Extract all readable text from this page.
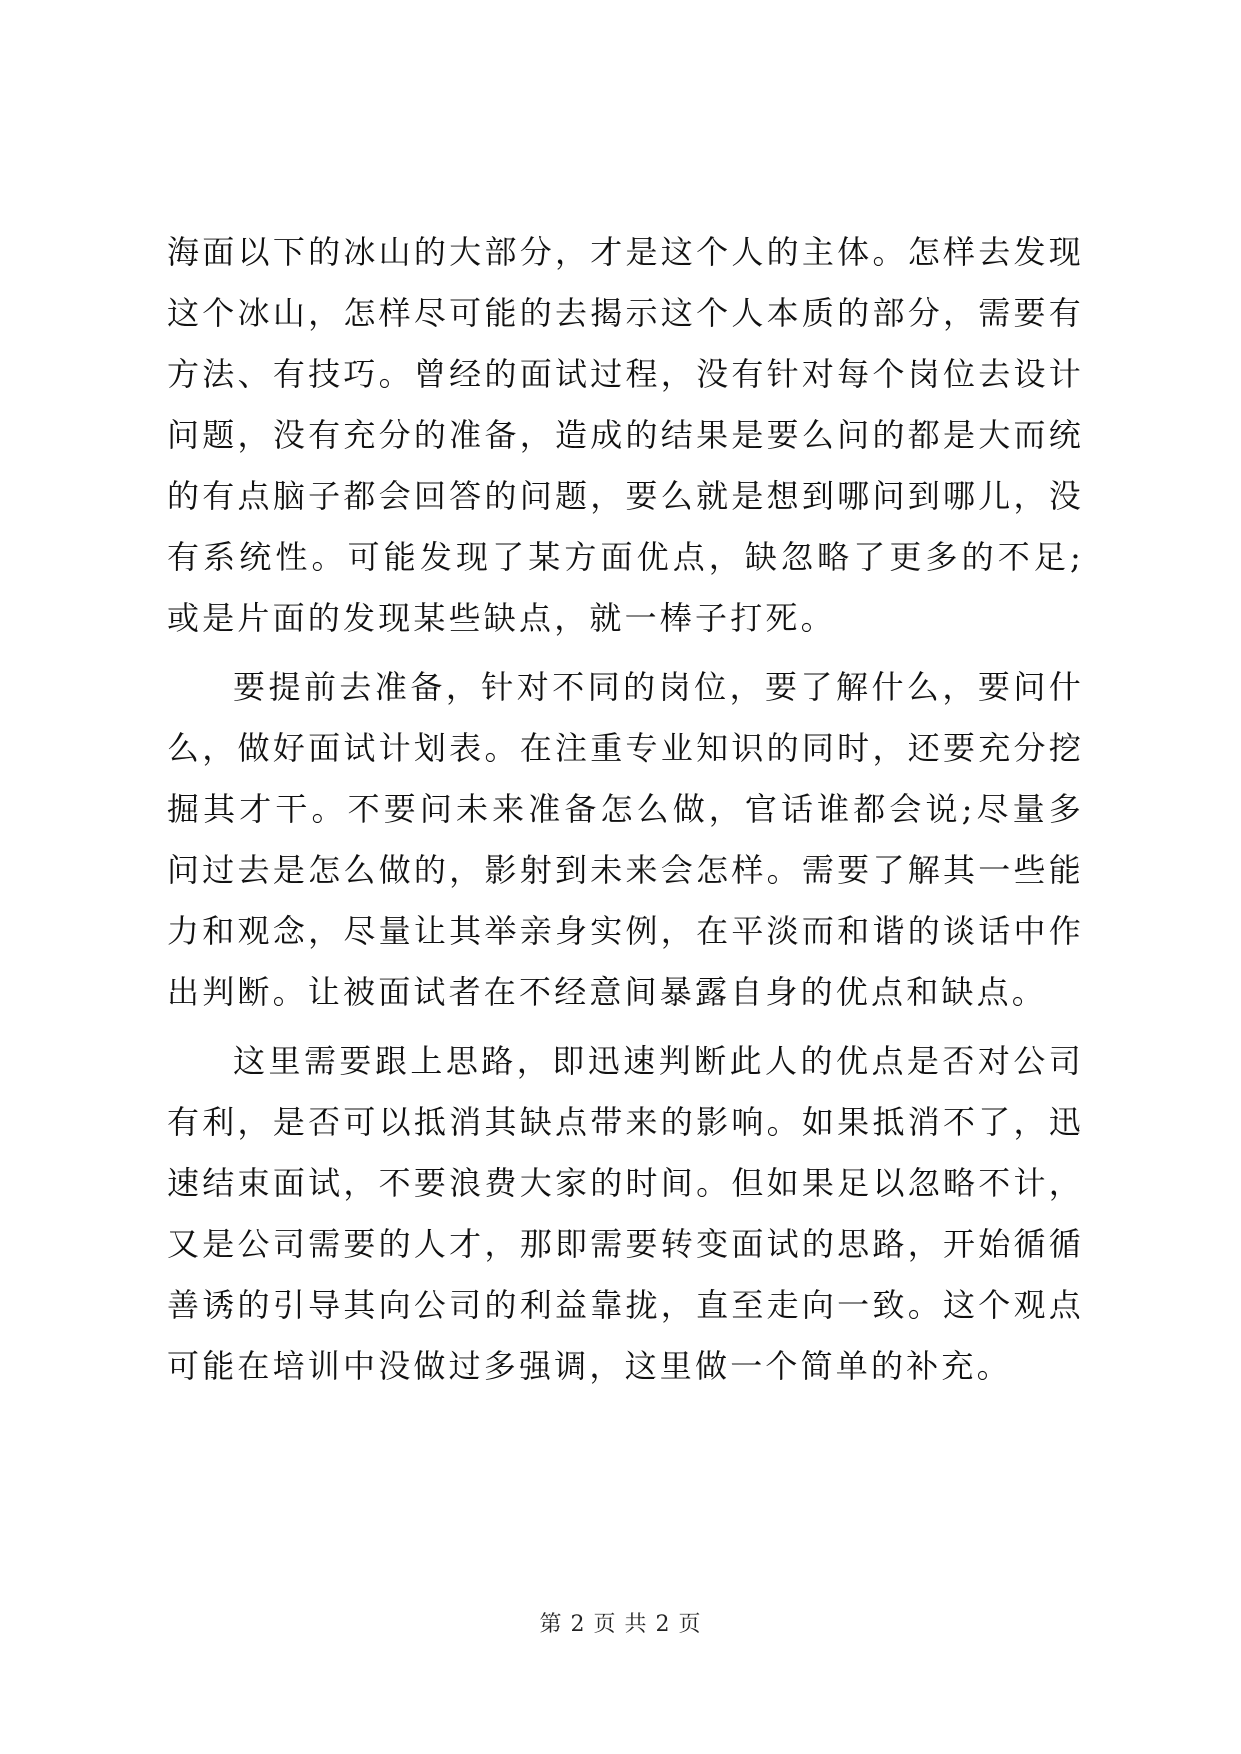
海面以下的冰山的大部分，才是这个人的主体。怎样去发现这个冰山，怎样尽可能的去揭示这个人本质的部分，需要有方法、有技巧。曾经的面试过程，没有针对每个岗位去设计问题，没有充分的准备，造成的结果是要么问的都是大而统的有点脑子都会回答的问题，要么就是想到哪问到哪儿，没有系统性。可能发现了某方面优点，缺忽略了更多的不足;或是片面的发现某些缺点，就一棒子打死。

要提前去准备，针对不同的岗位，要了解什么，要问什么，做好面试计划表。在注重专业知识的同时，还要充分挖掘其才干。不要问未来准备怎么做，官话谁都会说;尽量多问过去是怎么做的，影射到未来会怎样。需要了解其一些能力和观念，尽量让其举亲身实例，在平淡而和谐的谈话中作出判断。让被面试者在不经意间暴露自身的优点和缺点。

这里需要跟上思路，即迅速判断此人的优点是否对公司有利，是否可以抵消其缺点带来的影响。如果抵消不了，迅速结束面试，不要浪费大家的时间。但如果足以忽略不计，又是公司需要的人才，那即需要转变面试的思路，开始循循善诱的引导其向公司的利益靠拢，直至走向一致。这个观点可能在培训中没做过多强调，这里做一个简单的补充。

第 2 页 共 2 页
